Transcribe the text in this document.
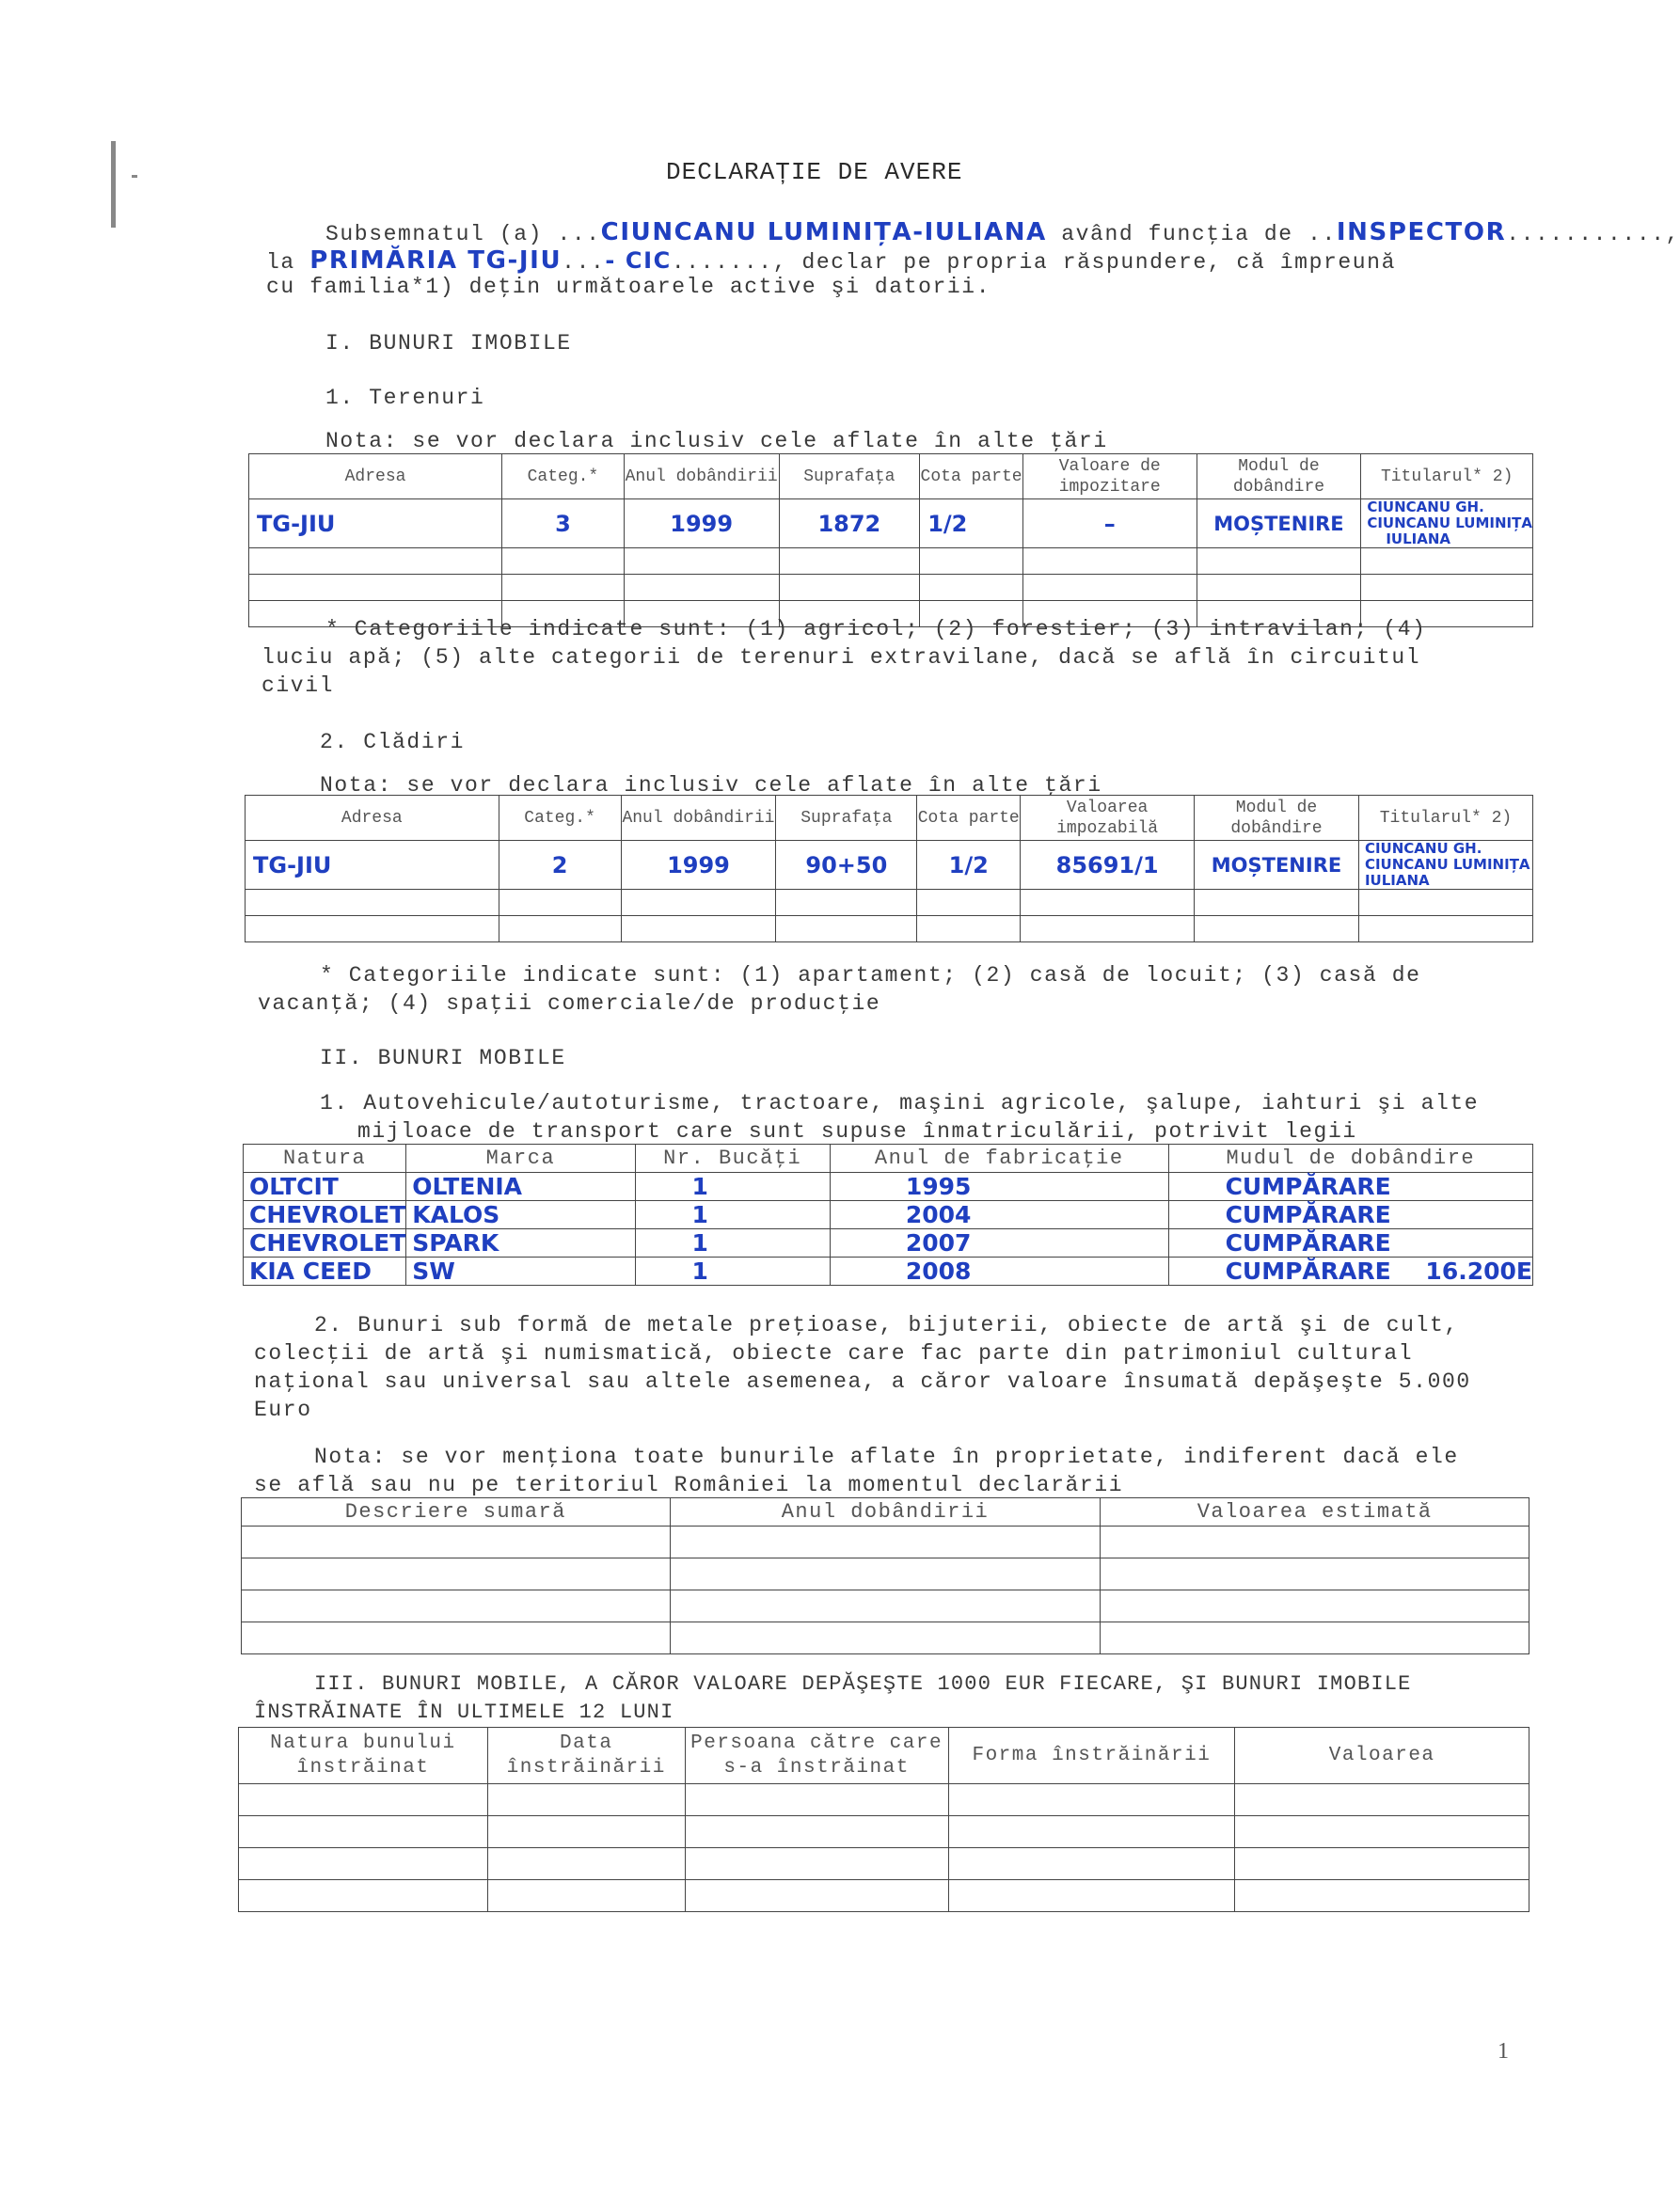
DECLARAȚIE DE AVERE
Subsemnatul (a) ...CIUNCANU LUMINIȚA-IULIANA având funcţia de ..INSPECTOR...........,
la PRIMĂRIA TG-JIU...- CIC......., declar pe propria răspundere, că împreună
cu familia*1) deţin următoarele active şi datorii.
I. BUNURI IMOBILE
1. Terenuri
Nota: se vor declara inclusiv cele aflate în alte ţări
Adresa	Categ.*	Anul dobândirii	Suprafaţa	Cota parte	Valoare de impozitare	Modul de dobândire	Titularul* 2)
TG-JIU	3	1999	1872	1/2	–	MOȘTENIRE	CIUNCANU GH.
CIUNCANU LUMINIȚA
IULIANA

* Categoriile indicate sunt: (1) agricol; (2) forestier; (3) intravilan; (4)
luciu apă; (5) alte categorii de terenuri extravilane, dacă se află în circuitul
civil
2. Clădiri
Nota: se vor declara inclusiv cele aflate în alte ţări
Adresa	Categ.*	Anul dobândirii	Suprafaţa	Cota parte	Valoarea impozabilă	Modul de dobândire	Titularul* 2)
TG-JIU	2	1999	90+50	1/2	85691/1	MOȘTENIRE	CIUNCANU GH.
CIUNCANU LUMINIȚA
IULIANA

* Categoriile indicate sunt: (1) apartament; (2) casă de locuit; (3) casă de
vacanţă; (4) spaţii comerciale/de producţie
II. BUNURI MOBILE
1. Autovehicule/autoturisme, tractoare, maşini agricole, şalupe, iahturi şi alte
mijloace de transport care sunt supuse înmatriculării, potrivit legii
Natura	Marca	Nr. Bucăţi	Anul de fabricaţie	Mudul de dobândire
OLTCIT	OLTENIA	1	1995	CUMPĂRARE
CHEVROLET	KALOS	1	2004	CUMPĂRARE
CHEVROLET	SPARK	1	2007	CUMPĂRARE
KIA CEED	SW	1	2008	CUMPĂRARE 16.200E
2. Bunuri sub formă de metale preţioase, bijuterii, obiecte de artă şi de cult,
colecţii de artă şi numismatică, obiecte care fac parte din patrimoniul cultural
naţional sau universal sau altele asemenea, a căror valoare însumată depăşeşte 5.000
Euro
Nota: se vor menţiona toate bunurile aflate în proprietate, indiferent dacă ele
se află sau nu pe teritoriul României la momentul declarării
Descriere sumară	Anul dobândirii	Valoarea estimată

III. BUNURI MOBILE, A CĂROR VALOARE DEPĂŞEŞTE 1000 EUR FIECARE, ŞI BUNURI IMOBILE
ÎNSTRĂINATE ÎN ULTIMELE 12 LUNI
Natura bunului înstrăinat	Data înstrăinării	Persoana către care s-a înstrăinat	Forma înstrăinării	Valoarea

1
